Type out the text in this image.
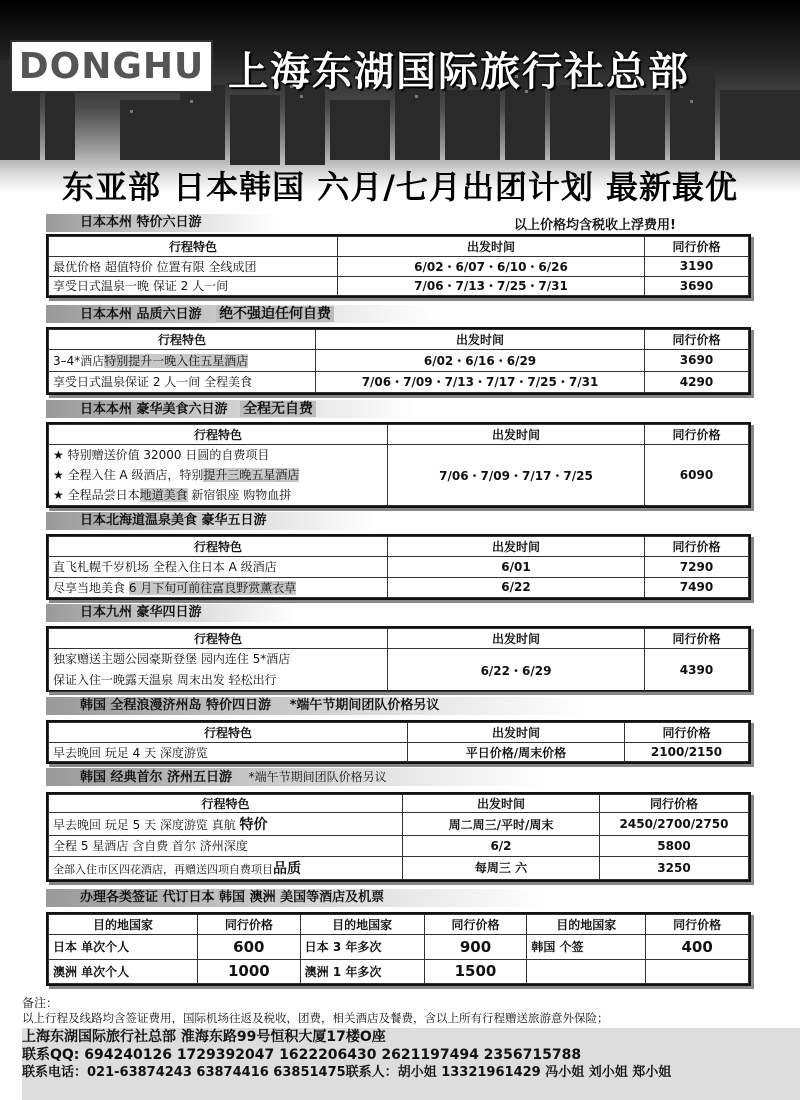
DONGHU 上海东湖国际旅行社总部
东亚部 日本韩国 六月/七月出团计划 最新最优
日本本州 特价六日游	以上价格均含税收上浮费用!
行程特色	出发时间	同行价格
最优价格 超值特价 位置有限 全线成团	6/02・6/07・6/10・6/26	3190
享受日式温泉一晚 保证 2 人一间	7/06・7/13・7/25・7/31	3690
日本本州 品质六日游 绝不强迫任何自费
行程特色	出发时间	同行价格
3–4*酒店特别提升一晚入住五星酒店	6/02・6/16・6/29	3690
享受日式温泉保证 2 人一间 全程美食	7/06・7/09・7/13・7/17・7/25・7/31	4290
日本本州 豪华美食六日游 全程无自费
行程特色	出发时间	同行价格

★ 特别赠送价值 32000 日圆的自费项目
★ 全程入住 A 级酒店，特别提升三晚五星酒店
★ 全程品尝日本地道美食 新宿银座 购物血拼	7/06・7/09・7/17・7/25	6090
日本北海道温泉美食 豪华五日游
行程特色	出发时间	同行价格
直飞札幌千岁机场 全程入住日本 A 级酒店	6/01	7290
尽享当地美食 6 月下旬可前往富良野赏薰衣草	6/22	7490
日本九州 豪华四日游
行程特色	出发时间	同行价格

独家赠送主题公园豪斯登堡 园内连住 5*酒店
保证入住一晚露天温泉 周末出发 轻松出行	6/22・6/29	4390
韩国 全程浪漫济州岛 特价四日游 *端午节期间团队价格另议
行程特色	出发时间	同行价格
早去晚回 玩足 4 天 深度游览	平日价格/周末价格	2100/2150
韩国 经典首尔 济州五日游 *端午节期间团队价格另议
行程特色	出发时间	同行价格
早去晚回 玩足 5 天 深度游览 真航 特价	周二周三/平时/周末	2450/2700/2750
全程 5 星酒店 含自费 首尔 济州深度	6/2	5800
全部入住市区四花酒店，再赠送四项自费项目品质	每周三 六	3250
办理各类签证 代订日本 韩国 澳洲 美国等酒店及机票
目的地国家	同行价格	目的地国家	同行价格	目的地国家	同行价格
日本 单次个人	600	日本 3 年多次	900	韩国 个签	400
澳洲 单次个人	1000	澳洲 1 年多次	1500		
备注：
以上行程及线路均含签证费用，国际机场往返及税收，团费，相关酒店及餐费，含以上所有行程赠送旅游意外保险；
上海东湖国际旅行社总部 淮海东路99号恒积大厦17楼O座
联系QQ: 694240126 1729392047 1622206430 2621197494 2356715788
联系电话：021-63874243 63874416 63851475联系人：胡小姐 13321961429 冯小姐 刘小姐 郑小姐
